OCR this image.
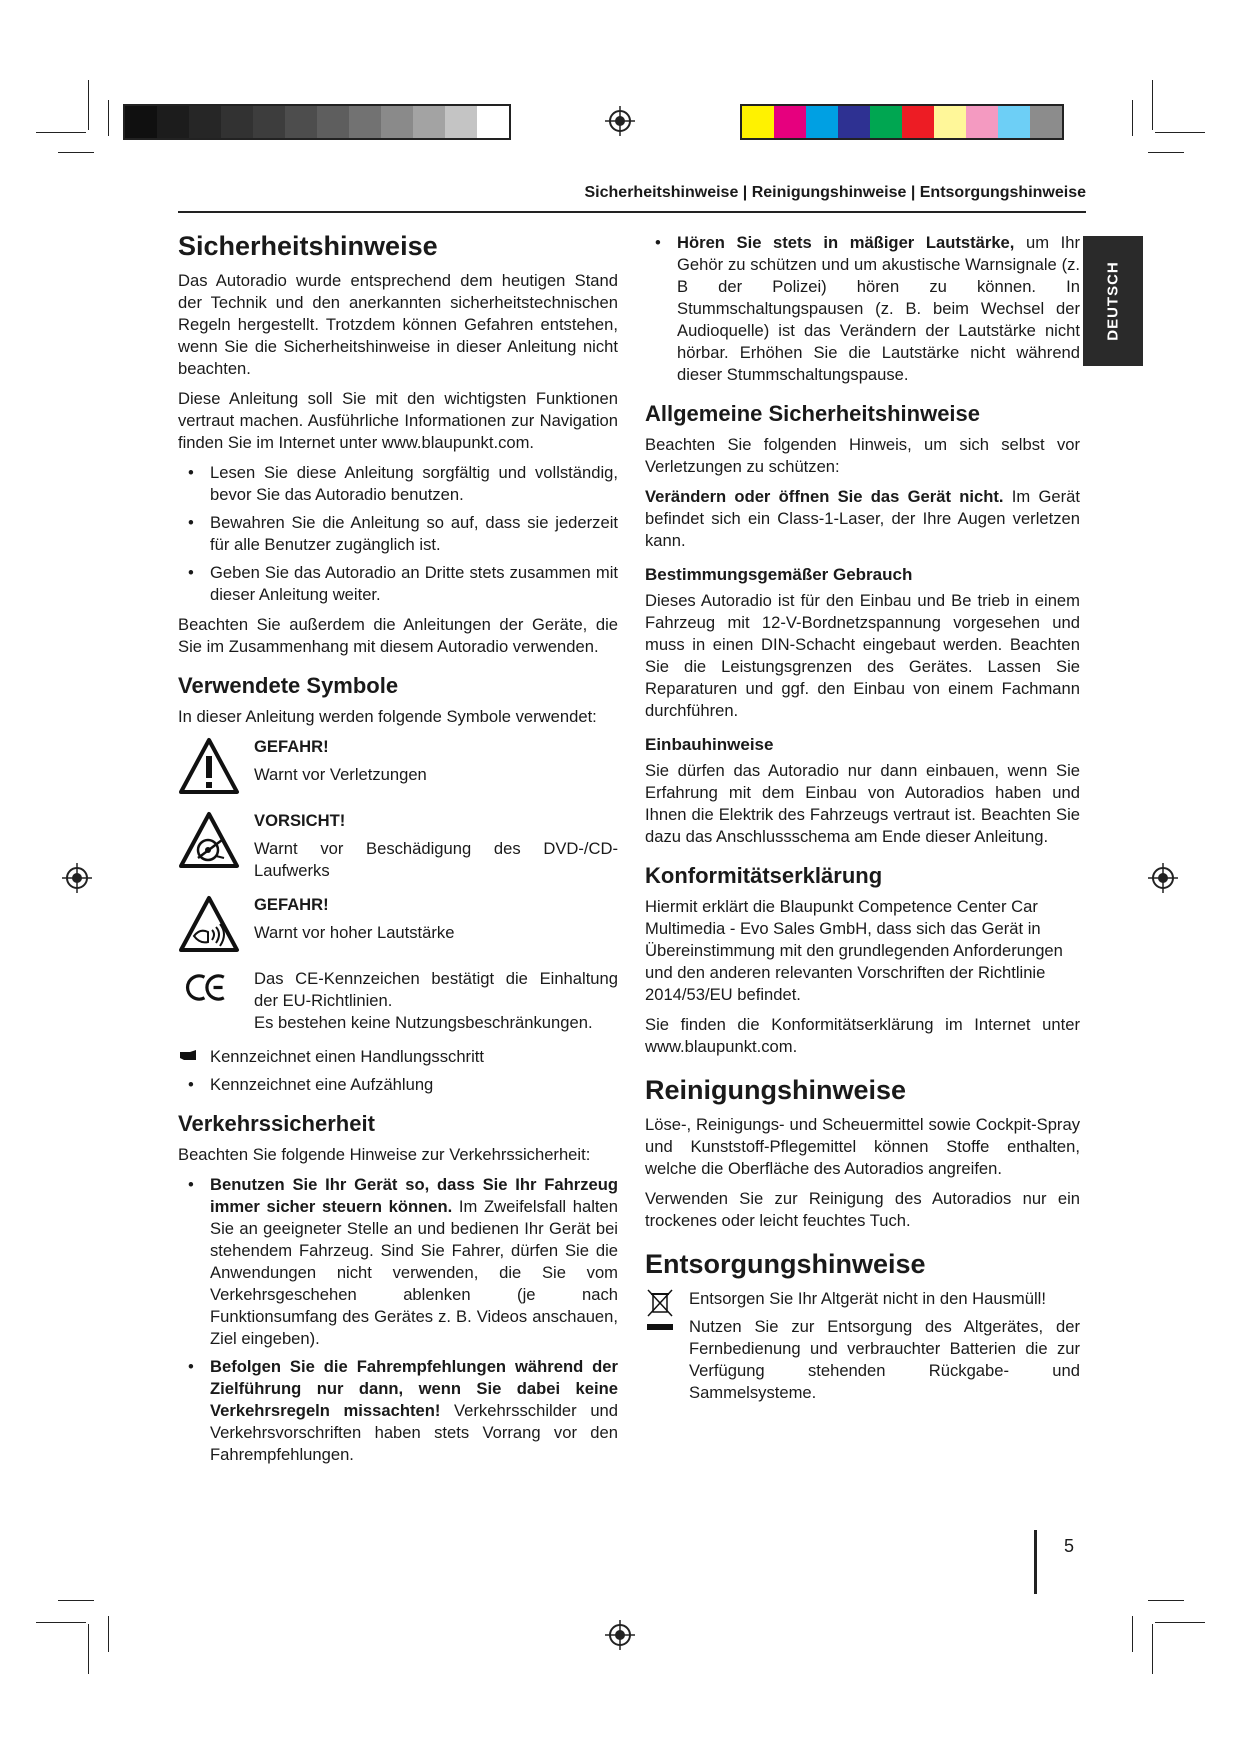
Sicherheitshinweise | Reinigungshinweise | Entsorgungshinweise
DEUTSCH
Sicherheitshinweise

Das Autoradio wurde entsprechend dem heutigen Stand der Technik und den anerkannten sicherheitstechnischen Regeln hergestellt. Trotzdem können Gefahren entstehen, wenn Sie die Sicherheitshinweise in dieser Anleitung nicht beachten.

Diese Anleitung soll Sie mit den wichtigsten Funktionen vertraut machen. Ausführliche Informationen zur Navigation finden Sie im Internet unter www.blaupunkt.com.

• Lesen Sie diese Anleitung sorgfältig und vollständig, bevor Sie das Autoradio benutzen.
• Bewahren Sie die Anleitung so auf, dass sie jederzeit für alle Benutzer zugänglich ist.
• Geben Sie das Autoradio an Dritte stets zusammen mit dieser Anleitung weiter.

Beachten Sie außerdem die Anleitungen der Geräte, die Sie im Zusammenhang mit diesem Autoradio verwenden.

Verwendete Symbole

In dieser Anleitung werden folgende Symbole verwendet:

GEFAHR!
Warnt vor Verletzungen
VORSICHT!
Warnt vor Beschädigung des DVD-/CD-Laufwerks
GEFAHR!
Warnt vor hoher Lautstärke
Das CE-Kennzeichen bestätigt die Einhaltung der EU-Richtlinien.
Es bestehen keine Nutzungsbeschränkungen.
Kennzeichnet einen Handlungsschritt
• Kennzeichnet eine Aufzählung
Verkehrssicherheit

Beachten Sie folgende Hinweise zur Verkehrssicherheit:

• Benutzen Sie Ihr Gerät so, dass Sie Ihr Fahrzeug immer sicher steuern können. Im Zweifelsfall halten Sie an geeigneter Stelle an und bedienen Ihr Gerät bei stehendem Fahrzeug. Sind Sie Fahrer, dürfen Sie die Anwendungen nicht verwenden, die Sie vom Verkehrsgeschehen ablenken (je nach Funktionsumfang des Gerätes z. B. Videos anschauen, Ziel eingeben).
• Befolgen Sie die Fahrempfehlungen während der Zielführung nur dann, wenn Sie dabei keine Verkehrsregeln missachten! Verkehrsschilder und Verkehrsvorschriften haben stets Vorrang vor den Fahrempfehlungen.
• Hören Sie stets in mäßiger Lautstärke, um Ihr Gehör zu schützen und um akustische Warnsignale (z. B der Polizei) hören zu können. In Stummschaltungspausen (z. B. beim Wechsel der Audioquelle) ist das Verändern der Lautstärke nicht hörbar. Erhöhen Sie die Lautstärke nicht während dieser Stummschaltungspause.
Allgemeine Sicherheitshinweise

Beachten Sie folgenden Hinweis, um sich selbst vor Verletzungen zu schützen:

Verändern oder öffnen Sie das Gerät nicht. Im Gerät befindet sich ein Class-1-Laser, der Ihre Augen verletzen kann.

Bestimmungsgemäßer Gebrauch

Dieses Autoradio ist für den Einbau und Be trieb in einem Fahrzeug mit 12-V-Bordnetzspannung vorgesehen und muss in einen DIN-Schacht eingebaut werden. Beachten Sie die Leistungsgrenzen des Gerätes. Lassen Sie Reparaturen und ggf. den Einbau von einem Fachmann durchführen.

Einbauhinweise

Sie dürfen das Autoradio nur dann einbauen, wenn Sie Erfahrung mit dem Einbau von Autoradios haben und Ihnen die Elektrik des Fahrzeugs vertraut ist. Beachten Sie dazu das Anschlussschema am Ende dieser Anleitung.

Konformitätserklärung

Hiermit erklärt die Blaupunkt Competence Center Car Multimedia - Evo Sales GmbH, dass sich das Gerät in Übereinstimmung mit den grundlegenden Anforderungen und den anderen relevanten Vorschriften der Richtlinie 2014/53/EU befindet.

Sie finden die Konformitätserklärung im Internet unter www.blaupunkt.com.

Reinigungshinweise

Löse-, Reinigungs- und Scheuermittel sowie Cockpit-Spray und Kunststoff-Pflegemittel können Stoffe enthalten, welche die Oberfläche des Autoradios angreifen.

Verwenden Sie zur Reinigung des Autoradios nur ein trockenes oder leicht feuchtes Tuch.

Entsorgungshinweise
Entsorgen Sie Ihr Altgerät nicht in den Hausmüll!
Nutzen Sie zur Entsorgung des Altgerätes, der Fernbedienung und verbrauchter Batterien die zur Verfügung stehenden Rückgabe- und Sammelsysteme.
5
